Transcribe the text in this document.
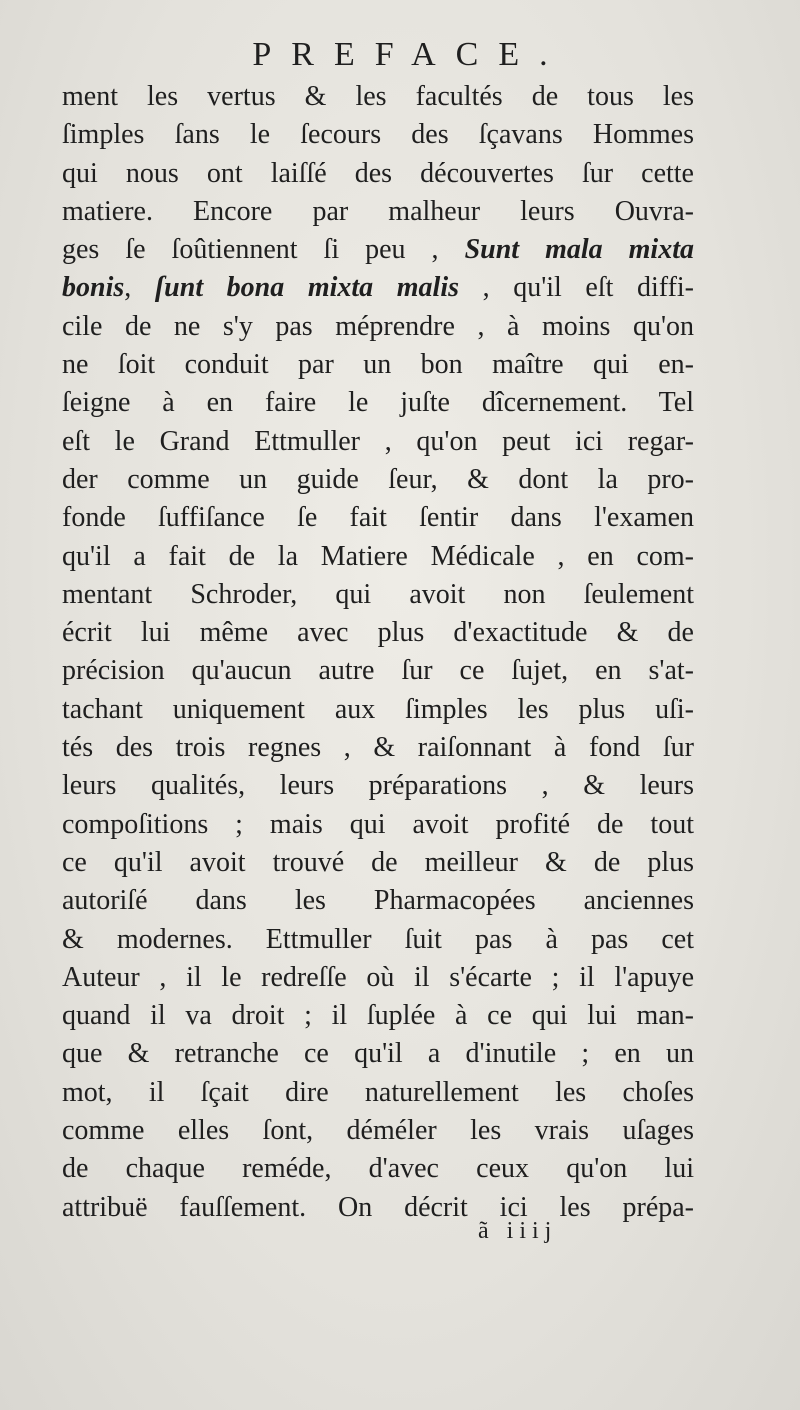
PREFACE.
ment les vertus & les facultés de tous les
ſimples ſans le ſecours des ſçavans Hommes
qui nous ont laiſſé des découvertes ſur cette
matiere. Encore par malheur leurs Ouvra-
ges ſe ſoûtiennent ſi peu , Sunt mala mixta
bonis, ſunt bona mixta malis , qu'il eſt diffi-
cile de ne s'y pas méprendre , à moins qu'on
ne ſoit conduit par un bon maître qui en-
ſeigne à en faire le juſte dîcernement. Tel
eſt le Grand Ettmuller , qu'on peut ici regar-
der comme un guide ſeur, & dont la pro-
fonde ſuffiſance ſe fait ſentir dans l'examen
qu'il a fait de la Matiere Médicale , en com-
mentant Schroder, qui avoit non ſeulement
écrit lui même avec plus d'exactitude & de
précision qu'aucun autre ſur ce ſujet, en s'at-
tachant uniquement aux ſimples les plus uſi-
tés des trois regnes , & raiſonnant à fond ſur
leurs qualités, leurs préparations , & leurs
compoſitions ; mais qui avoit profité de tout
ce qu'il avoit trouvé de meilleur & de plus
autoriſé dans les Pharmacopées anciennes
& modernes. Ettmuller ſuit pas à pas cet
Auteur , il le redreſſe où il s'écarte ; il l'apuye
quand il va droit ; il ſuplée à ce qui lui man-
que & retranche ce qu'il a d'inutile ; en un
mot, il ſçait dire naturellement les choſes
comme elles ſont, déméler les vrais uſages
de chaque reméde, d'avec ceux qu'on lui
attribuë fauſſement. On décrit ici les prépa-
ã iiij
